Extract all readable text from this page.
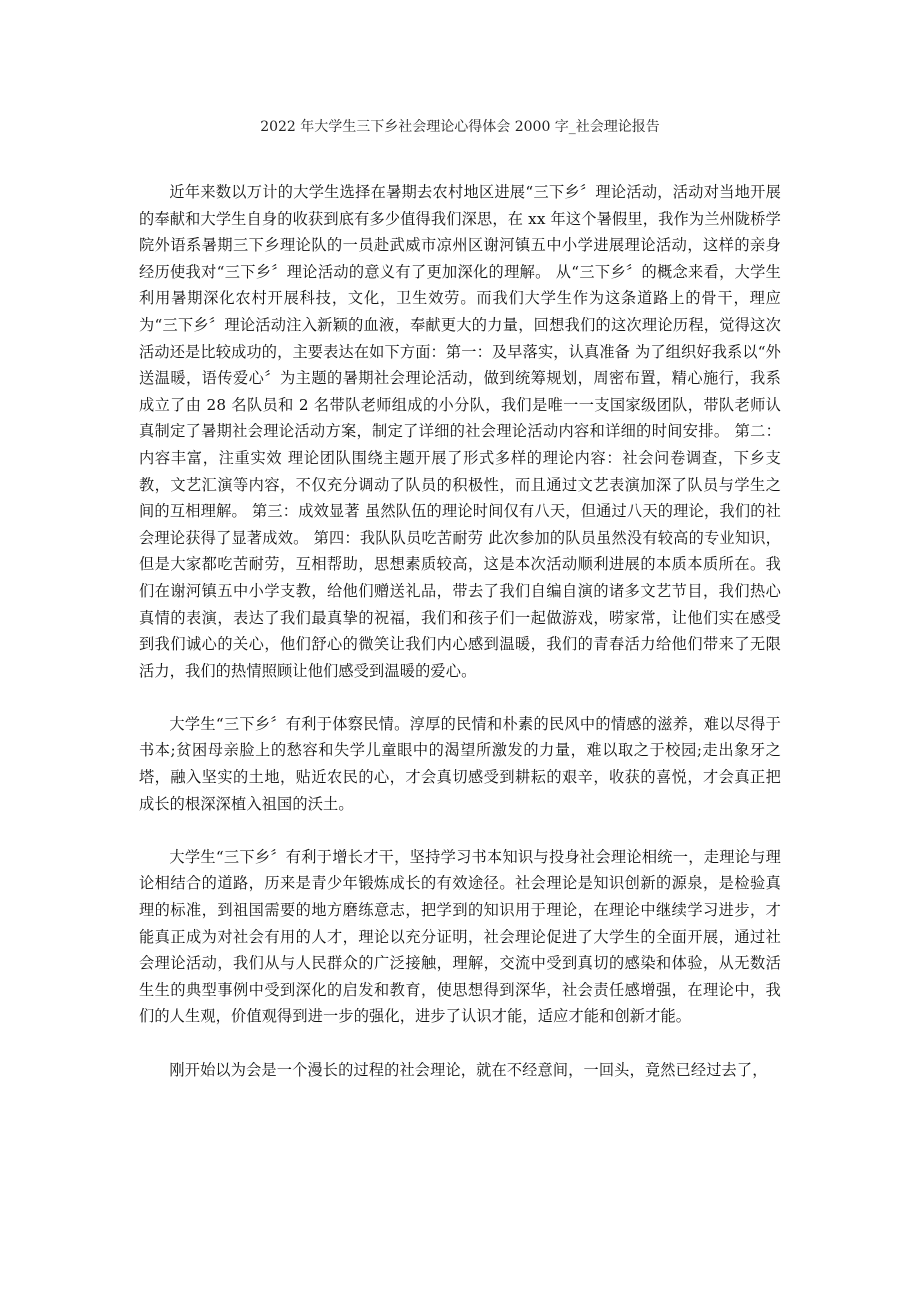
2022 年大学生三下乡社会理论心得体会 2000 字_社会理论报告

近年来数以万计的大学生选择在暑期去农村地区进展“三下乡〞理论活动，活动对当地开展的奉献和大学生自身的收获到底有多少值得我们深思，在 xx 年这个暑假里，我作为兰州陇桥学院外语系暑期三下乡理论队的一员赴武威市凉州区谢河镇五中小学进展理论活动，这样的亲身经历使我对“三下乡〞理论活动的意义有了更加深化的理解。 从“三下乡〞的概念来看，大学生利用暑期深化农村开展科技，文化，卫生效劳。而我们大学生作为这条道路上的骨干，理应为“三下乡〞理论活动注入新颖的血液，奉献更大的力量，回想我们的这次理论历程，觉得这次活动还是比较成功的，主要表达在如下方面：第一：及早落实，认真准备 为了组织好我系以“外送温暖，语传爱心〞为主题的暑期社会理论活动，做到统筹规划，周密布置，精心施行，我系成立了由 28 名队员和 2 名带队老师组成的小分队，我们是唯一一支国家级团队，带队老师认真制定了暑期社会理论活动方案，制定了详细的社会理论活动内容和详细的时间安排。 第二：内容丰富，注重实效 理论团队围绕主题开展了形式多样的理论内容：社会问卷调查，下乡支教，文艺汇演等内容，不仅充分调动了队员的积极性，而且通过文艺表演加深了队员与学生之间的互相理解。 第三：成效显著 虽然队伍的理论时间仅有八天，但通过八天的理论，我们的社会理论获得了显著成效。 第四：我队队员吃苦耐劳 此次参加的队员虽然没有较高的专业知识，但是大家都吃苦耐劳，互相帮助，思想素质较高，这是本次活动顺利进展的本质本质所在。我们在谢河镇五中小学支教，给他们赠送礼品，带去了我们自编自演的诸多文艺节目，我们热心真情的表演，表达了我们最真挚的祝福，我们和孩子们一起做游戏，唠家常，让他们实在感受到我们诚心的关心，他们舒心的微笑让我们内心感到温暖，我们的青春活力给他们带来了无限活力，我们的热情照顾让他们感受到温暖的爱心。

大学生“三下乡〞有利于体察民情。淳厚的民情和朴素的民风中的情感的滋养，难以尽得于书本;贫困母亲脸上的愁容和失学儿童眼中的渴望所激发的力量，难以取之于校园;走出象牙之塔，融入坚实的土地，贴近农民的心，才会真切感受到耕耘的艰辛，收获的喜悦，才会真正把成长的根深深植入祖国的沃土。

大学生“三下乡〞有利于增长才干，坚持学习书本知识与投身社会理论相统一，走理论与理论相结合的道路，历来是青少年锻炼成长的有效途径。社会理论是知识创新的源泉，是检验真理的标准，到祖国需要的地方磨练意志，把学到的知识用于理论，在理论中继续学习进步，才能真正成为对社会有用的人才，理论以充分证明，社会理论促进了大学生的全面开展，通过社会理论活动，我们从与人民群众的广泛接触，理解，交流中受到真切的感染和体验，从无数活生生的典型事例中受到深化的启发和教育，使思想得到深华，社会责任感增强，在理论中，我们的人生观，价值观得到进一步的强化，进步了认识才能，适应才能和创新才能。

刚开始以为会是一个漫长的过程的社会理论，就在不经意间，一回头，竟然已经过去了，
